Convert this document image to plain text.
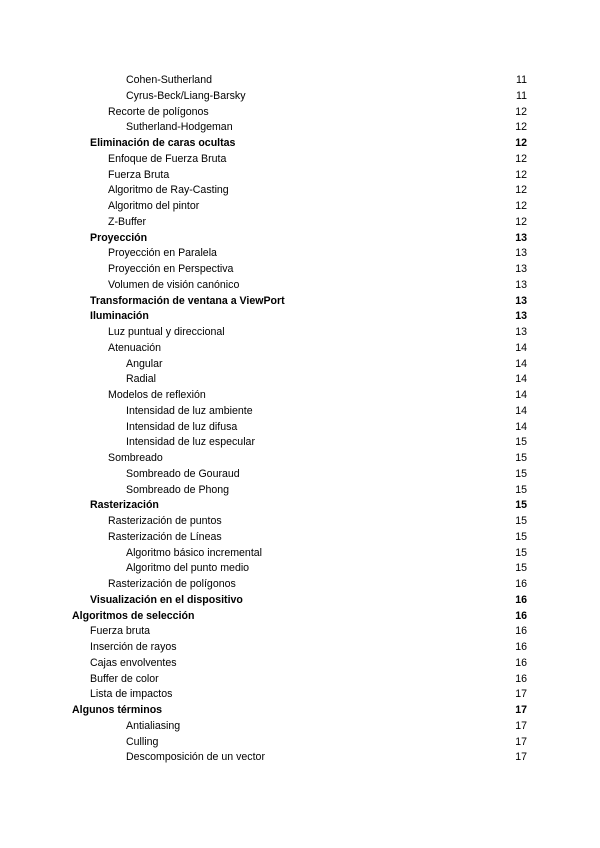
Cohen-Sutherland	11
Cyrus-Beck/Liang-Barsky	11
Recorte de polígonos	12
Sutherland-Hodgeman	12
Eliminación de caras ocultas	12
Enfoque de Fuerza Bruta	12
Fuerza Bruta	12
Algoritmo de Ray-Casting	12
Algoritmo del pintor	12
Z-Buffer	12
Proyección	13
Proyección en Paralela	13
Proyección en Perspectiva	13
Volumen de visión canónico	13
Transformación de ventana a ViewPort	13
Iluminación	13
Luz puntual y direccional	13
Atenuación	14
Angular	14
Radial	14
Modelos de reflexión	14
Intensidad de luz ambiente	14
Intensidad de luz difusa	14
Intensidad de luz especular	15
Sombreado	15
Sombreado de Gouraud	15
Sombreado de Phong	15
Rasterización	15
Rasterización de puntos	15
Rasterización de Líneas	15
Algoritmo básico incremental	15
Algoritmo del punto medio	15
Rasterización de polígonos	16
Visualización en el dispositivo	16
Algoritmos de selección	16
Fuerza bruta	16
Inserción de rayos	16
Cajas envolventes	16
Buffer de color	16
Lista de impactos	17
Algunos términos	17
Antialiasing	17
Culling	17
Descomposición de un vector	17
